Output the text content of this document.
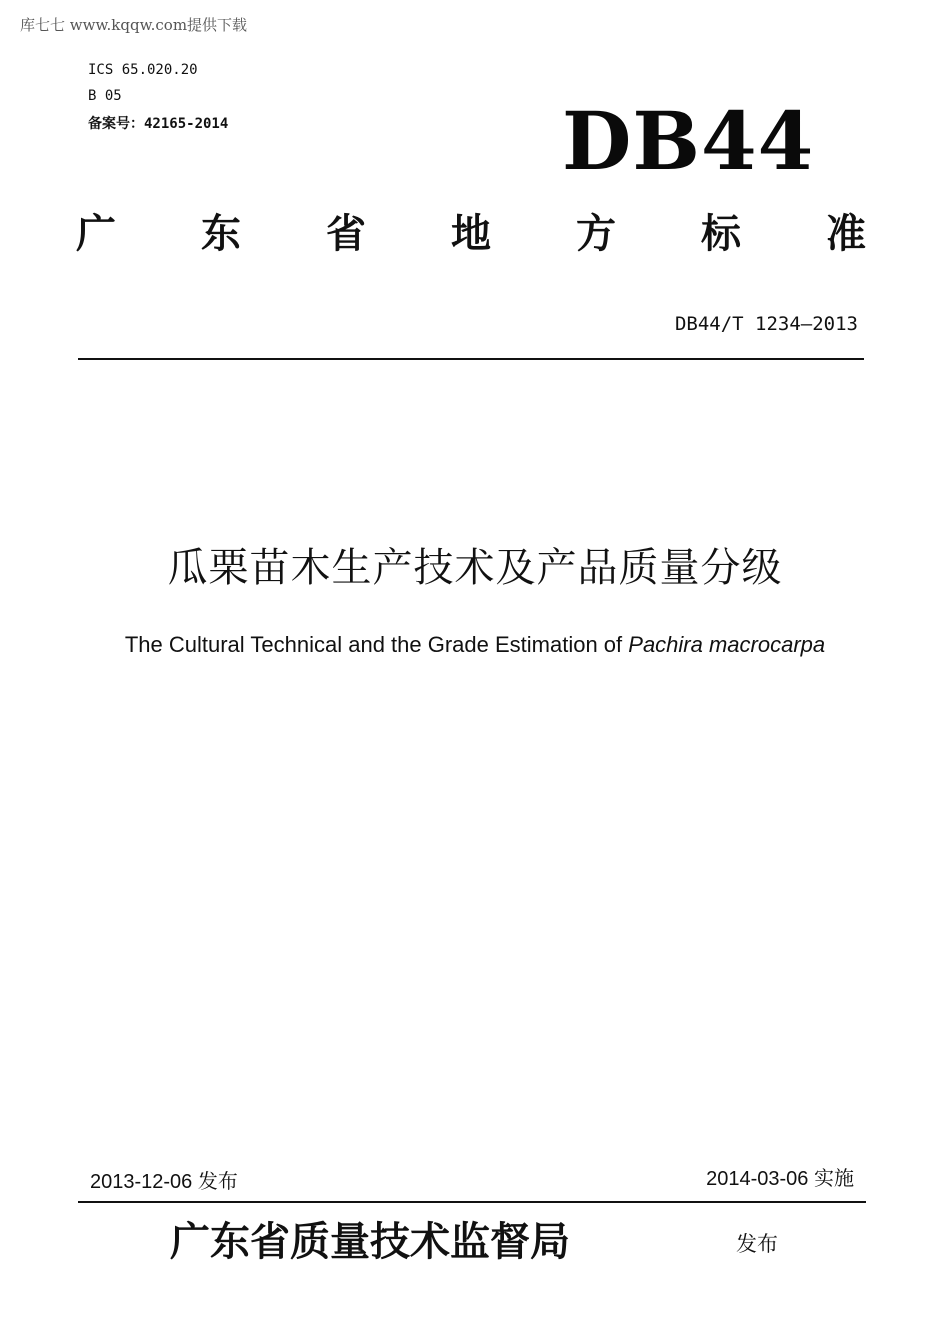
库七七 www.kqqw.com提供下载
ICS 65.020.20
B 05
备案号：42165-2014	DB44
广 东 省 地 方 标 准
DB44/T 1234—2013
瓜栗苗木生产技术及产品质量分级
The Cultural Technical and the Grade Estimation of Pachira macrocarpa
2013-12-06 发布	2014-03-06 实施
广东省质量技术监督局	发布
